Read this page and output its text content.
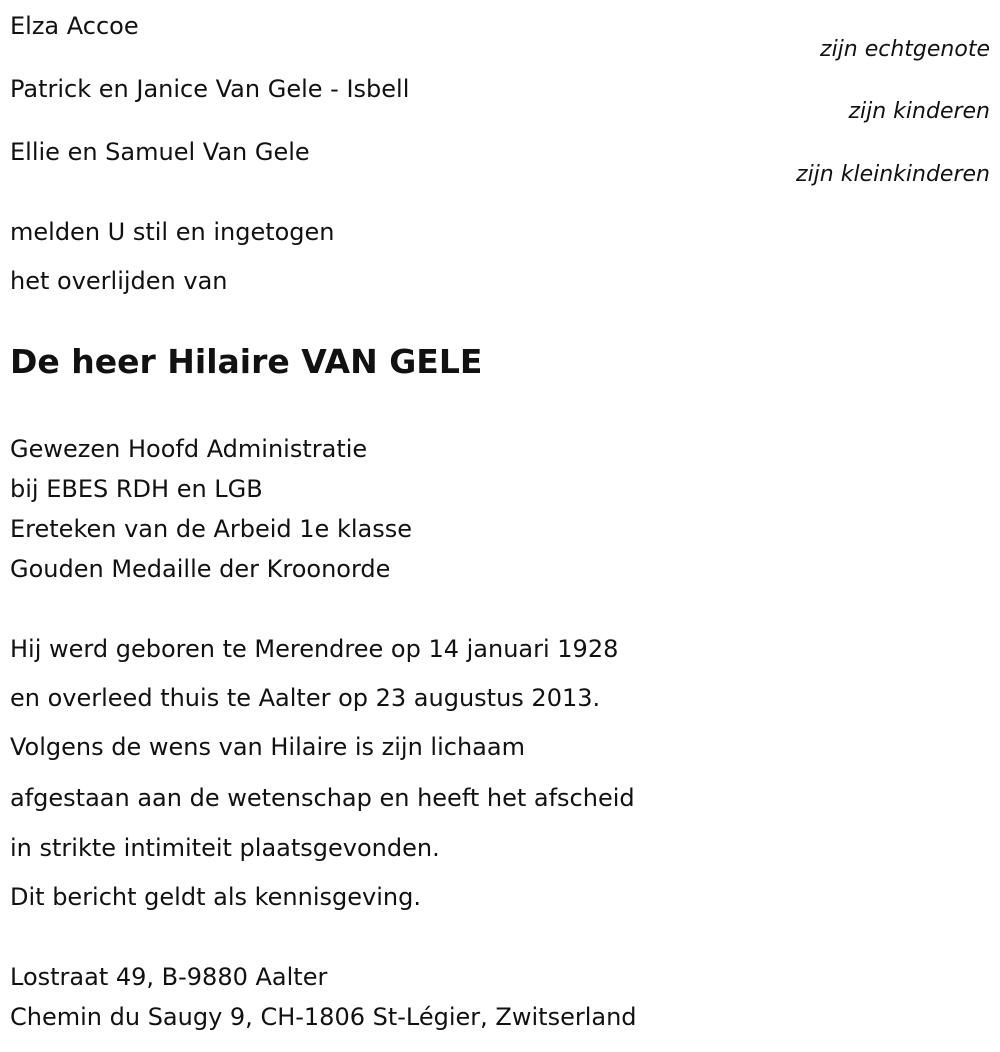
Elza Accoe
zijn echtgenote
Patrick en Janice Van Gele - Isbell
zijn kinderen
Ellie en Samuel Van Gele
zijn kleinkinderen
melden U stil en ingetogen
het overlijden van
De heer Hilaire VAN GELE
Gewezen Hoofd Administratie
bij EBES RDH en LGB
Ereteken van de Arbeid 1e klasse
Gouden Medaille der Kroonorde
Hij werd geboren te Merendree op 14 januari 1928
en overleed thuis te Aalter op 23 augustus 2013.
Volgens de wens van Hilaire is zijn lichaam
afgestaan aan de wetenschap en heeft het afscheid
in strikte intimiteit plaatsgevonden.
Dit bericht geldt als kennisgeving.
Lostraat 49, B-9880 Aalter
Chemin du Saugy 9, CH-1806 St-Légier, Zwitserland
